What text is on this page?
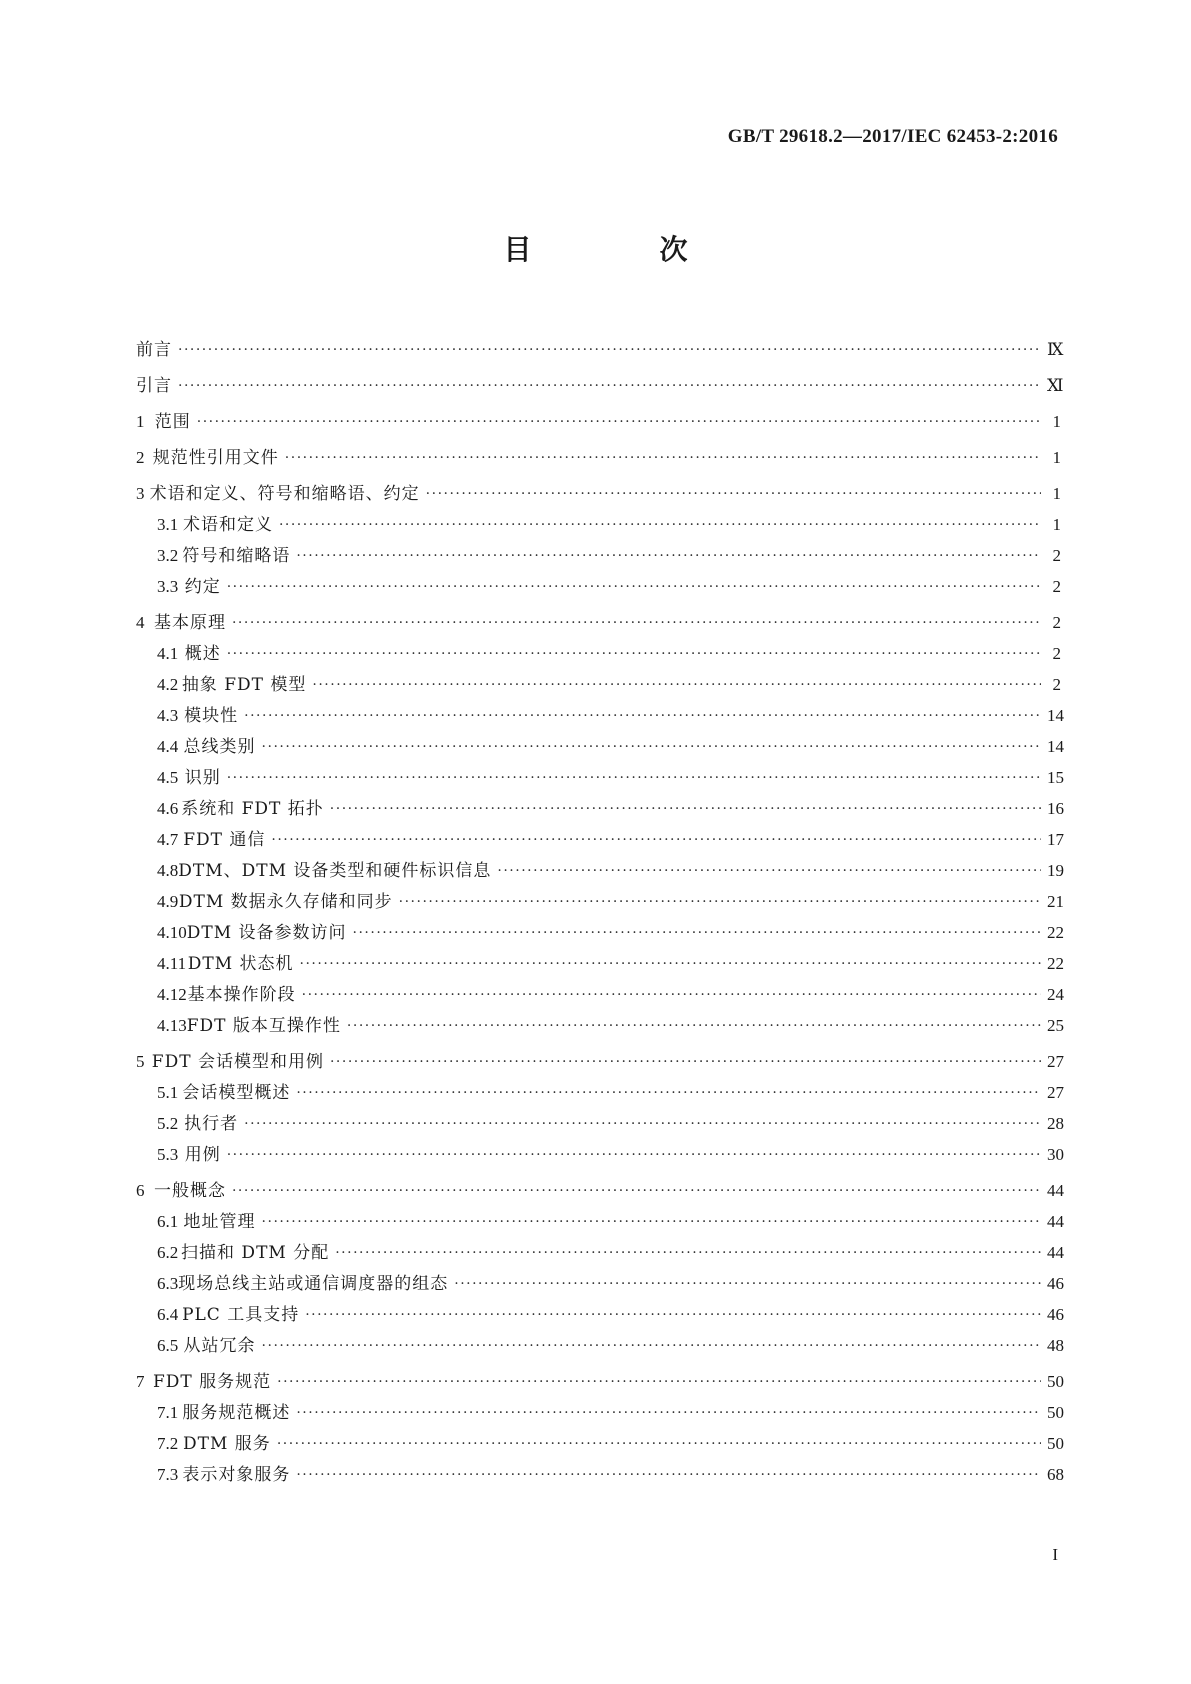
GB/T 29618.2—2017/IEC 62453-2:2016
目　次
前言 ·····	Ⅸ
引言 ·····	Ⅺ
1 范围 ·····	1
2 规范性引用文件 ·····	1
3 术语和定义、符号和缩略语、约定 ·····	1
3.1 术语和定义 ·····	1
3.2 符号和缩略语 ·····	2
3.3 约定 ·····	2
4 基本原理 ·····	2
4.1 概述 ·····	2
4.2 抽象 FDT 模型 ·····	2
4.3 模块性 ·····	14
4.4 总线类别 ·····	14
4.5 识别 ·····	15
4.6 系统和 FDT 拓扑 ·····	16
4.7 FDT 通信 ·····	17
4.8 DTM、DTM 设备类型和硬件标识信息 ·····	19
4.9 DTM 数据永久存储和同步 ·····	21
4.10 DTM 设备参数访问 ·····	22
4.11 DTM 状态机 ·····	22
4.12 基本操作阶段 ·····	24
4.13 FDT 版本互操作性 ·····	25
5 FDT 会话模型和用例 ·····	27
5.1 会话模型概述 ·····	27
5.2 执行者 ·····	28
5.3 用例 ·····	30
6 一般概念 ·····	44
6.1 地址管理 ·····	44
6.2 扫描和 DTM 分配 ·····	44
6.3 现场总线主站或通信调度器的组态 ·····	46
6.4 PLC 工具支持 ·····	46
6.5 从站冗余 ·····	48
7 FDT 服务规范 ·····	50
7.1 服务规范概述 ·····	50
7.2 DTM 服务 ·····	50
7.3 表示对象服务 ·····	68
I
